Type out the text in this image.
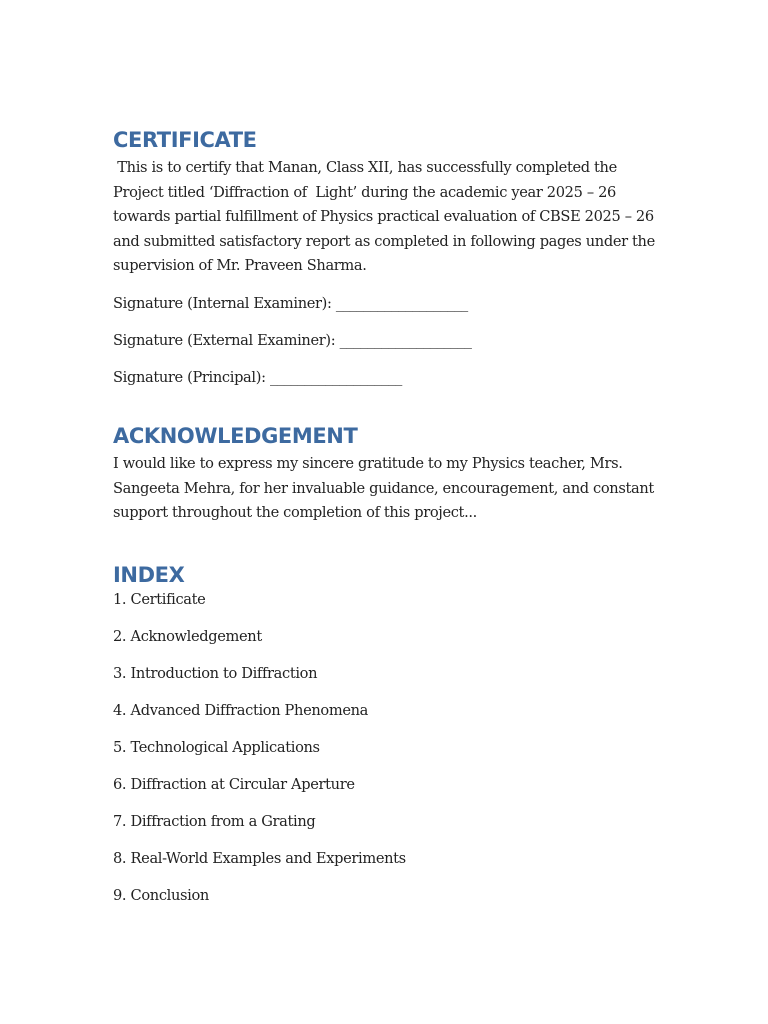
CERTIFICATE

This is to certify that Manan, Class XII, has successfully completed the Project titled ‘Diffraction of  Light’ during the academic year 2025 – 26 towards partial fulfillment of Physics practical evaluation of CBSE 2025 – 26 and submitted satisfactory report as completed in following pages under the supervision of Mr. Praveen Sharma.

Signature (Internal Examiner): ___________________

Signature (External Examiner): ___________________

Signature (Principal): ___________________

ACKNOWLEDGEMENT

I would like to express my sincere gratitude to my Physics teacher, Mrs. Sangeeta Mehra, for her invaluable guidance, encouragement, and constant support throughout the completion of this project...

INDEX
1. Certificate
2. Acknowledgement
3. Introduction to Diffraction
4. Advanced Diffraction Phenomena
5. Technological Applications
6. Diffraction at Circular Aperture
7. Diffraction from a Grating
8. Real-World Examples and Experiments
9. Conclusion
